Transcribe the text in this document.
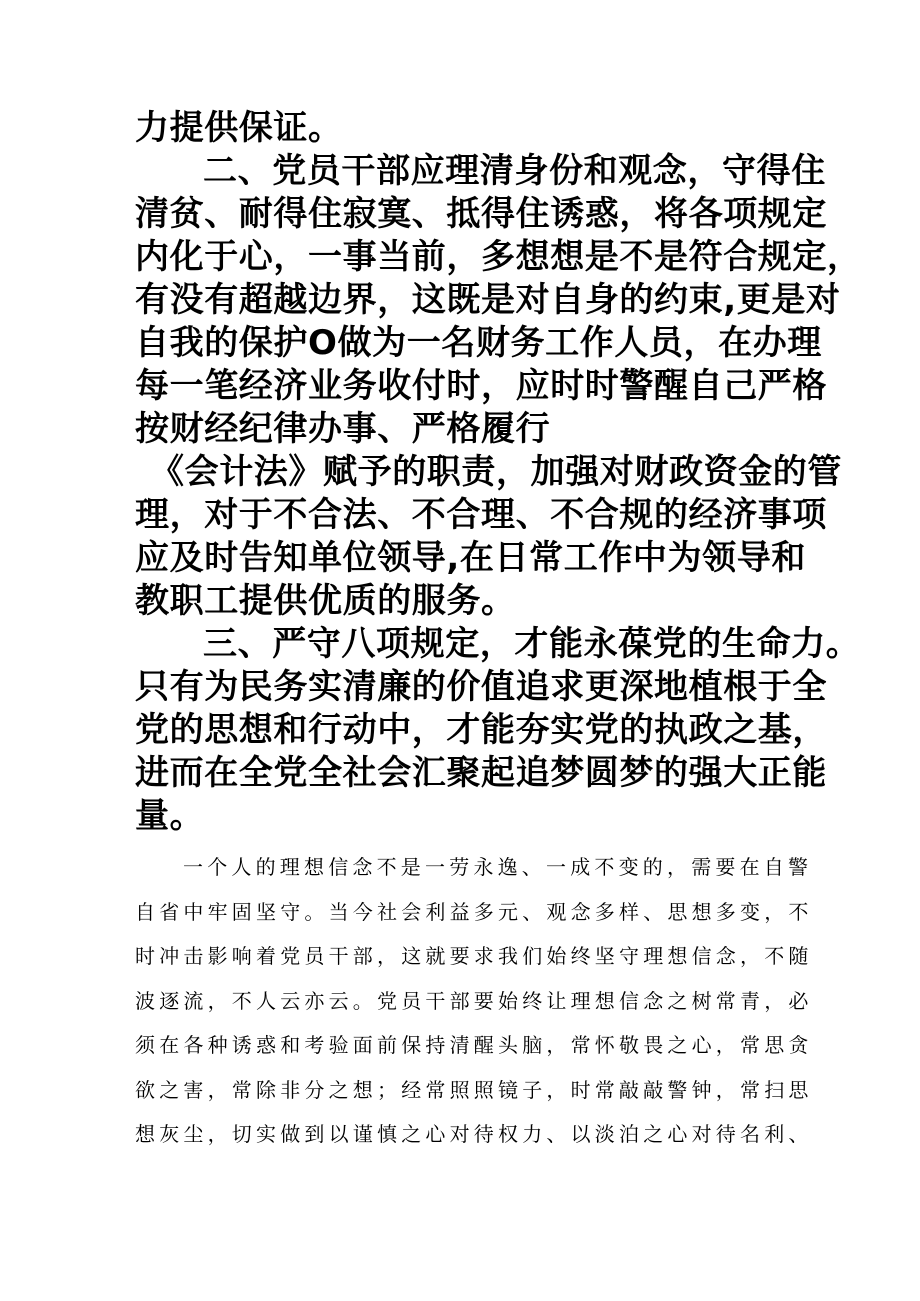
力提供保证。
二、党员干部应理清身份和观念，守得住
清贫、耐得住寂寞、抵得住诱惑，将各项规定
内化于心，一事当前，多想想是不是符合规定，
有没有超越边界，这既是对自身的约束,更是对
自我的保护O做为一名财务工作人员，在办理
每一笔经济业务收付时，应时时警醒自己严格
按财经纪律办事、严格履行
《会计法》赋予的职责，加强对财政资金的管
理，对于不合法、不合理、不合规的经济事项
应及时告知单位领导,在日常工作中为领导和
教职工提供优质的服务。
三、严守八项规定，才能永葆党的生命力。
只有为民务实清廉的价值追求更深地植根于全
党的思想和行动中，才能夯实党的执政之基，
进而在全党全社会汇聚起追梦圆梦的强大正能
量。
一个人的理想信念不是一劳永逸、一成不变的，需要在自警
自省中牢固坚守。当今社会利益多元、观念多样、思想多变，不
时冲击影响着党员干部，这就要求我们始终坚守理想信念，不随
波逐流，不人云亦云。党员干部要始终让理想信念之树常青，必
须在各种诱惑和考验面前保持清醒头脑，常怀敬畏之心，常思贪
欲之害，常除非分之想；经常照照镜子，时常敲敲警钟，常扫思
想灰尘，切实做到以谨慎之心对待权力、以淡泊之心对待名利、
